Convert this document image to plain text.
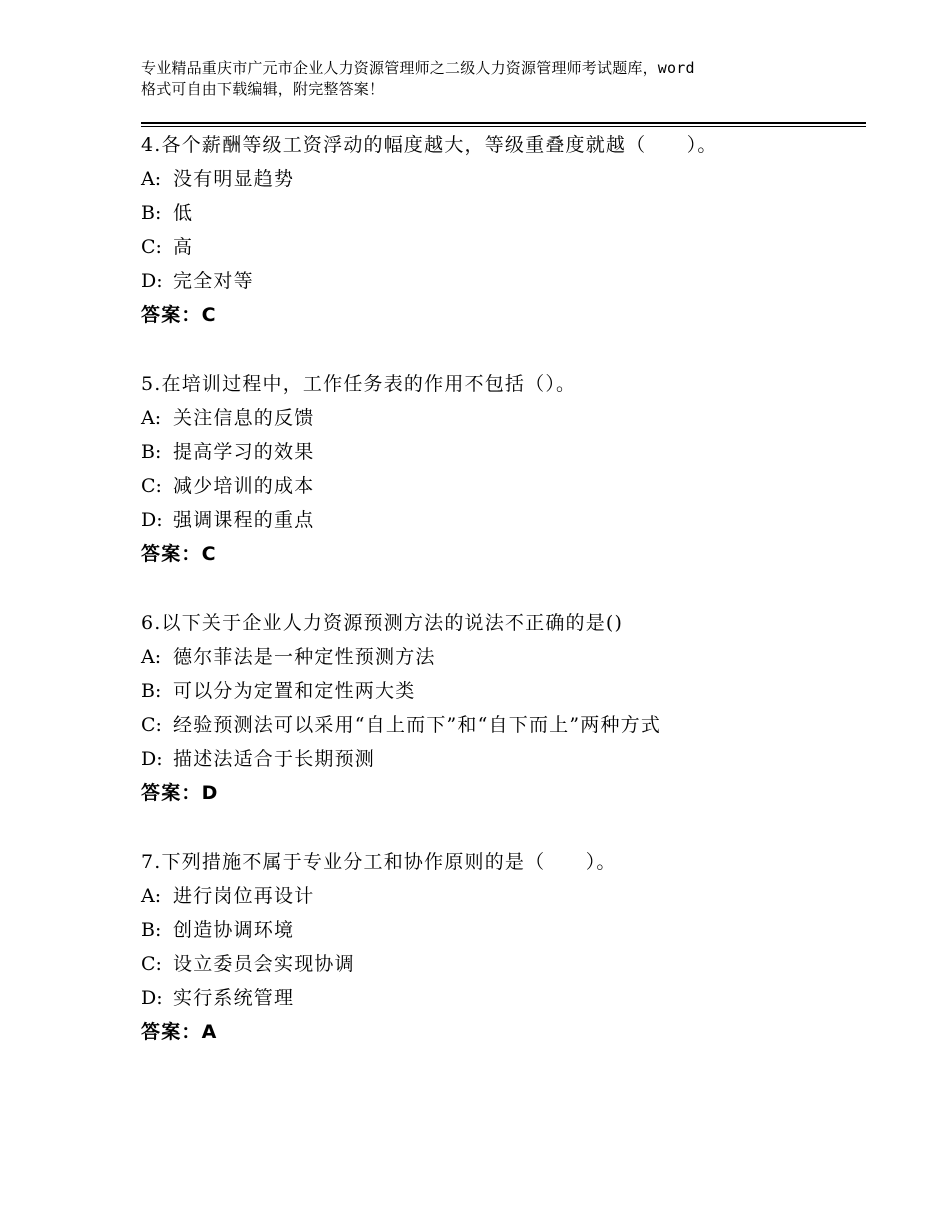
专业精品重庆市广元市企业人力资源管理师之二级人力资源管理师考试题库，word
格式可自由下载编辑，附完整答案！
4.各个薪酬等级工资浮动的幅度越大，等级重叠度就越（　　）。
A: 没有明显趋势
B: 低
C: 高
D: 完全对等
答案：C
5.在培训过程中，工作任务表的作用不包括（）。
A: 关注信息的反馈
B: 提高学习的效果
C: 减少培训的成本
D: 强调课程的重点
答案：C
6.以下关于企业人力资源预测方法的说法不正确的是()
A: 德尔菲法是一种定性预测方法
B: 可以分为定置和定性两大类
C: 经验预测法可以采用“自上而下”和“自下而上”两种方式
D: 描述法适合于长期预测
答案：D
7.下列措施不属于专业分工和协作原则的是（　　）。
A: 进行岗位再设计
B: 创造协调环境
C: 设立委员会实现协调
D: 实行系统管理
答案：A
